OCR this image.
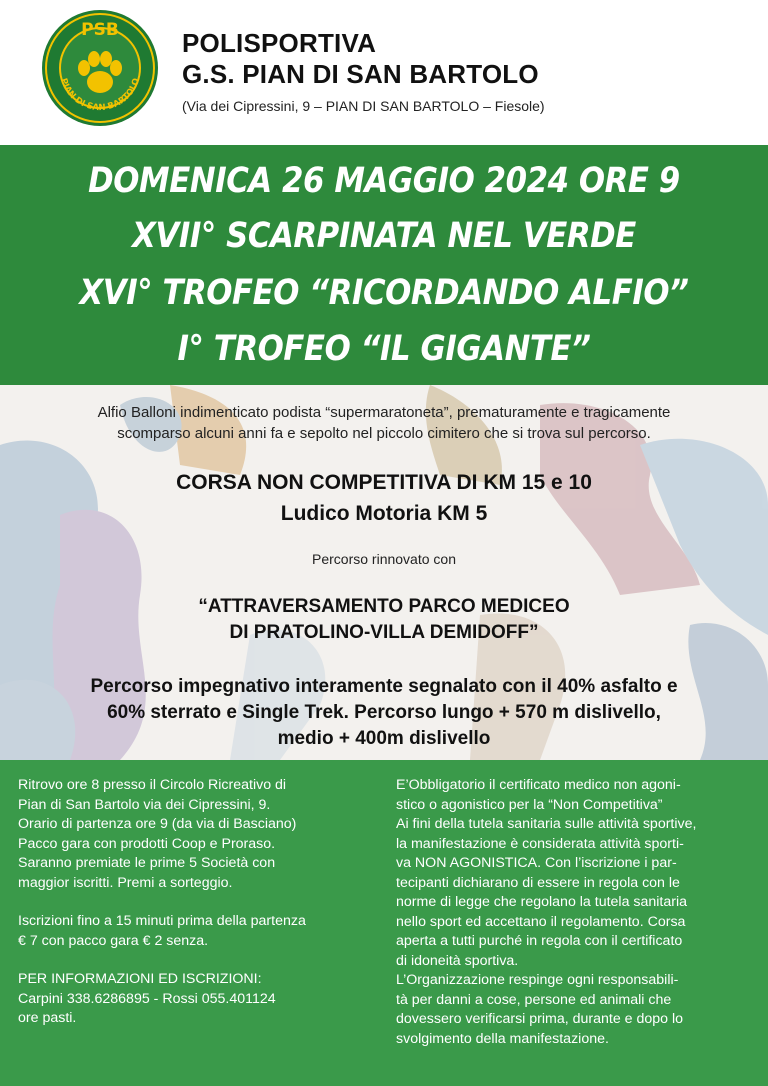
PSB
PIAN DI SAN BARTOLO
POLISPORTIVA
G.S. PIAN DI SAN BARTOLO
(Via dei Cipressini, 9 – PIAN DI SAN BARTOLO – Fiesole)
DOMENICA 26 MAGGIO 2024 ORE 9
XVII° SCARPINATA NEL VERDE
XVI° TROFEO “RICORDANDO ALFIO”
I° TROFEO “IL GIGANTE”
Alfio Balloni indimenticato podista “supermaratoneta”, prematuramente e tragicamente
scomparso alcuni anni fa e sepolto nel piccolo cimitero che si trova sul percorso.
CORSA NON COMPETITIVA DI KM 15 e 10
Ludico Motoria KM 5
Percorso rinnovato con
“ATTRAVERSAMENTO PARCO MEDICEO
DI PRATOLINO-VILLA DEMIDOFF”
Percorso impegnativo interamente segnalato con il 40% asfalto e
60% sterrato e Single Trek. Percorso lungo + 570 m dislivello,
medio + 400m dislivello

Ritrovo ore 8 presso il Circolo Ricreativo di

Pian di San Bartolo via dei Cipressini, 9.

Orario di partenza ore 9 (da via di Basciano)

Pacco gara con prodotti Coop e Proraso.

Saranno premiate le prime 5 Società con

maggior iscritti. Premi a sorteggio.

Iscrizioni fino a 15 minuti prima della partenza

€ 7 con pacco gara € 2 senza.

PER INFORMAZIONI ED ISCRIZIONI:

Carpini 338.6286895 - Rossi 055.401124

ore pasti.

E’Obbligatorio il certificato medico non agoni-

stico o agonistico per la “Non Competitiva”

Ai fini della tutela sanitaria sulle attività sportive,

la manifestazione è considerata attività sporti-

va NON AGONISTICA. Con l’iscrizione i par-

tecipanti dichiarano di essere in regola con le

norme di legge che regolano la tutela sanitaria

nello sport ed accettano il regolamento. Corsa

aperta a tutti purché in regola con il certificato

di idoneità sportiva.

L’Organizzazione respinge ogni responsabili-

tà per danni a cose, persone ed animali che

dovessero verificarsi prima, durante e dopo lo

svolgimento della manifestazione.
